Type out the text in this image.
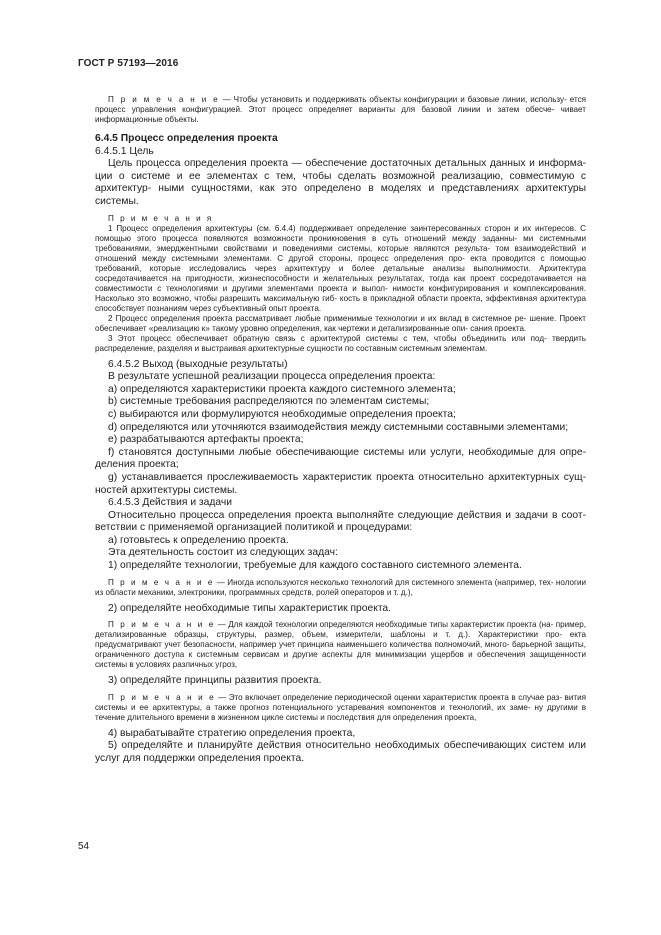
ГОСТ Р 57193—2016

П р и м е ч а н и е — Чтобы установить и поддерживать объекты конфигурации и базовые линии, использу- ется процесс управления конфигурацией. Этот процесс определяет варианты для базовой линии и затем обесче- чивает информационные объекты.

6.4.5 Процесс определения проекта

6.4.5.1 Цель

Цель процесса определения проекта — обеспечение достаточных детальных данных и информа- ции о системе и ее элементах с тем, чтобы сделать возможной реализацию, совместимую с архитектур- ными сущностями, как это определено в моделях и представлениях архитектуры системы.

П р и м е ч а н и я

1 Процесс определения архитектуры (см. 6.4.4) поддерживает определение заинтересованных сторон и их интересов. С помощью этого процесса появляются возможности проникновения в суть отношений между заданны- ми системными требованиями, эмерджентными свойствами и поведениями системы, которые являются результа- том взаимодействий и отношений между системными элементами. С другой стороны, процесс определения про- екта проводится с помощью требований, которые исследовались через архитектуру и более детальные анализы выполнимости. Архитектура сосредотачивается на пригодности, жизнеспособности и желательных результатах, тогда как проект сосредотачивается на совместимости с технологиями и другими элементами проекта и выпол- нимости конфигурирования и комплексирования. Насколько это возможно, чтобы разрешить максимальную гиб- кость в прикладной области проекта, эффективная архитектура способствует познаниям через субъективный опыт проекта.

2 Процесс определения проекта рассматривает любые применимые технологии и их вклад в системное ре- шение. Проект обеспечивает «реализацию к» такому уровню определения, как чертежи и детализированные опи- сания проекта.

3 Этот процесс обеспечивает обратную связь с архитектурой системы с тем, чтобы объединить или под- твердить распределение, разделяя и выстраивая архитектурные сущности по составным системным элементам.

6.4.5.2 Выход (выходные результаты)

В результате успешной реализации процесса определения проекта:

a) определяются характеристики проекта каждого системного элемента;

b) системные требования распределяются по элементам системы;

c) выбираются или формулируются необходимые определения проекта;

d) определяются или уточняются взаимодействия между системными составными элементами;

e) разрабатываются артефакты проекта;

f) становятся доступными любые обеспечивающие системы или услуги, необходимые для опре- деления проекта;

g) устанавливается прослеживаемость характеристик проекта относительно архитектурных сущ- ностей архитектуры системы.

6.4.5.3 Действия и задачи

Относительно процесса определения проекта выполняйте следующие действия и задачи в соот- ветствии с применяемой организацией политикой и процедурами:

a) готовьтесь к определению проекта.

Эта деятельность состоит из следующих задач:

1) определяйте технологии, требуемые для каждого составного системного элемента.

П р и м е ч а н и е — Иногда используются несколько технологий для системного элемента (например, тех- нологии из области механики, электроники, программных средств, ролей операторов и т. д.),

2) определяйте необходимые типы характеристик проекта.

П р и м е ч а н и е — Для каждой технологии определяются необходимые типы характеристик проекта (на- пример, детализированные образцы, структуры, размер, объем, измерители, шаблоны и т. д.). Характеристики про- екта предусматривают учет безопасности, например учет принципа наименьшего количества полномочий, много- барьерной защиты, ограниченного доступа к системным сервисам и другие аспекты для минимизации ущербов и обеспечения защищенности системы в условиях различных угроз,

3) определяйте принципы развития проекта.

П р и м е ч а н и е — Это включает определение периодической оценки характеристик проекта в случае раз- вития системы и ее архитектуры, а также прогноз потенциального устаревания компонентов и технологий, их заме- ну другими в течение длительного времени в жизненном цикле системы и последствия для определения проекта,

4) вырабатывайте стратегию определения проекта,

5) определяйте и планируйте действия относительно необходимых обеспечивающих систем или услуг для поддержки определения проекта.

54
